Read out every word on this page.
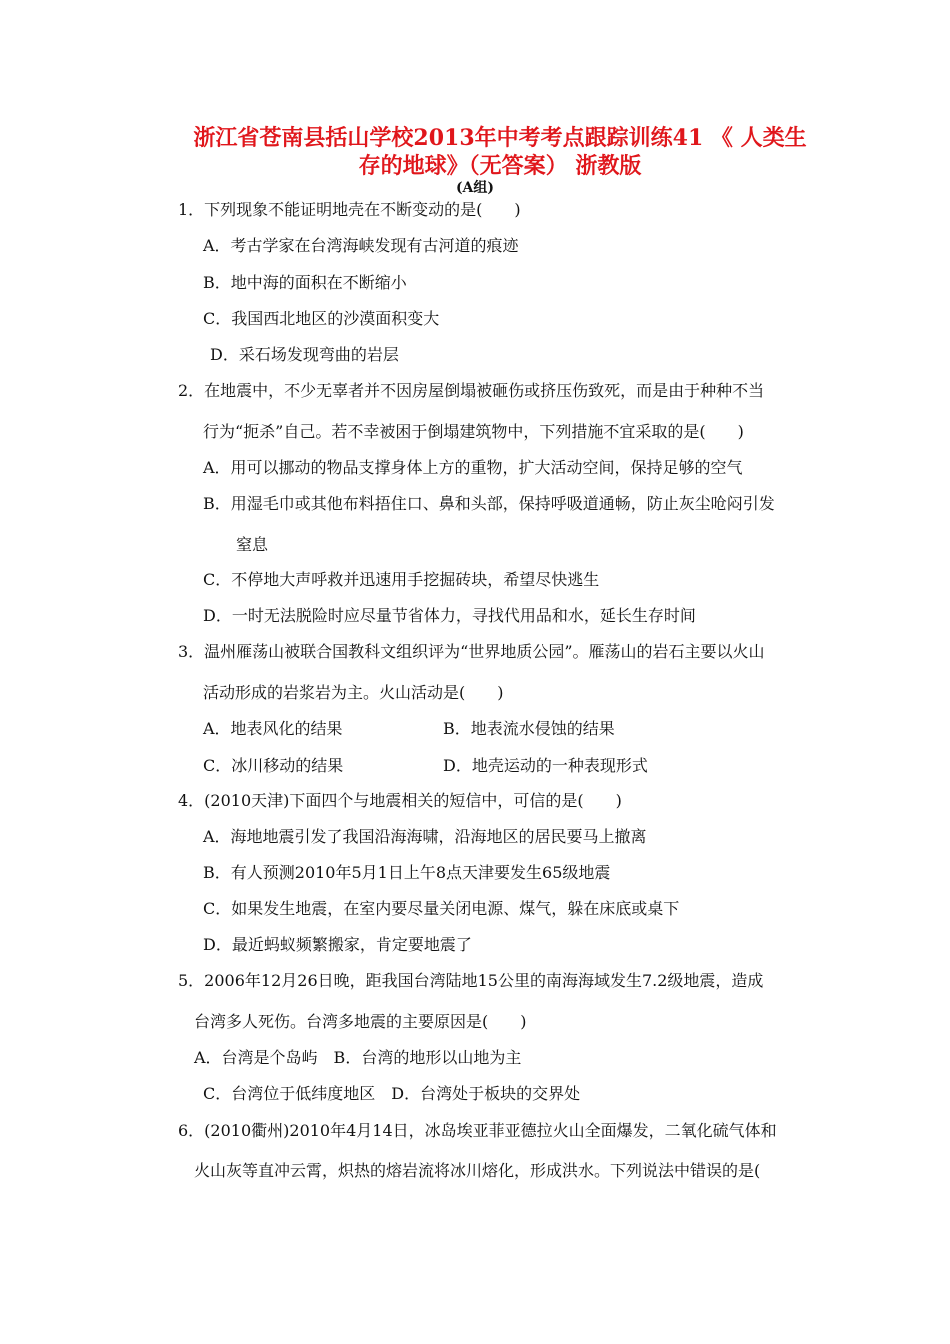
浙江省苍南县括山学校2013年中考考点跟踪训练41 《 人类生
存的地球》（无答案） 浙教版
(A组)
1．下列现象不能证明地壳在不断变动的是(　　)
A．考古学家在台湾海峡发现有古河道的痕迹
B．地中海的面积在不断缩小
C．我国西北地区的沙漠面积变大
D．采石场发现弯曲的岩层
2．在地震中，不少无辜者并不因房屋倒塌被砸伤或挤压伤致死，而是由于种种不当
行为“扼杀”自己。若不幸被困于倒塌建筑物中，下列措施不宜采取的是(　　)
A．用可以挪动的物品支撑身体上方的重物，扩大活动空间，保持足够的空气
B．用湿毛巾或其他布料捂住口、鼻和头部，保持呼吸道通畅，防止灰尘呛闷引发
窒息
C．不停地大声呼救并迅速用手挖掘砖块，希望尽快逃生
D．一时无法脱险时应尽量节省体力，寻找代用品和水，延长生存时间
3．温州雁荡山被联合国教科文组织评为“世界地质公园”。雁荡山的岩石主要以火山
活动形成的岩浆岩为主。火山活动是(　　)
A．地表风化的结果	B．地表流水侵蚀的结果
C．冰川移动的结果	D．地壳运动的一种表现形式
4．(2010天津)下面四个与地震相关的短信中，可信的是(　　)
A．海地地震引发了我国沿海海啸，沿海地区的居民要马上撤离
B．有人预测2010年5月1日上午8点天津要发生65级地震
C．如果发生地震，在室内要尽量关闭电源、煤气，躲在床底或桌下
D．最近蚂蚁频繁搬家，肯定要地震了
5．2006年12月26日晚，距我国台湾陆地15公里的南海海域发生7.2级地震，造成
台湾多人死伤。台湾多地震的主要原因是(　　)
A．台湾是个岛屿　B．台湾的地形以山地为主
C．台湾位于低纬度地区　D．台湾处于板块的交界处
6．(2010衢州)2010年4月14日，冰岛埃亚菲亚德拉火山全面爆发，二氧化硫气体和
火山灰等直冲云霄，炽热的熔岩流将冰川熔化，形成洪水。下列说法中错误的是(
